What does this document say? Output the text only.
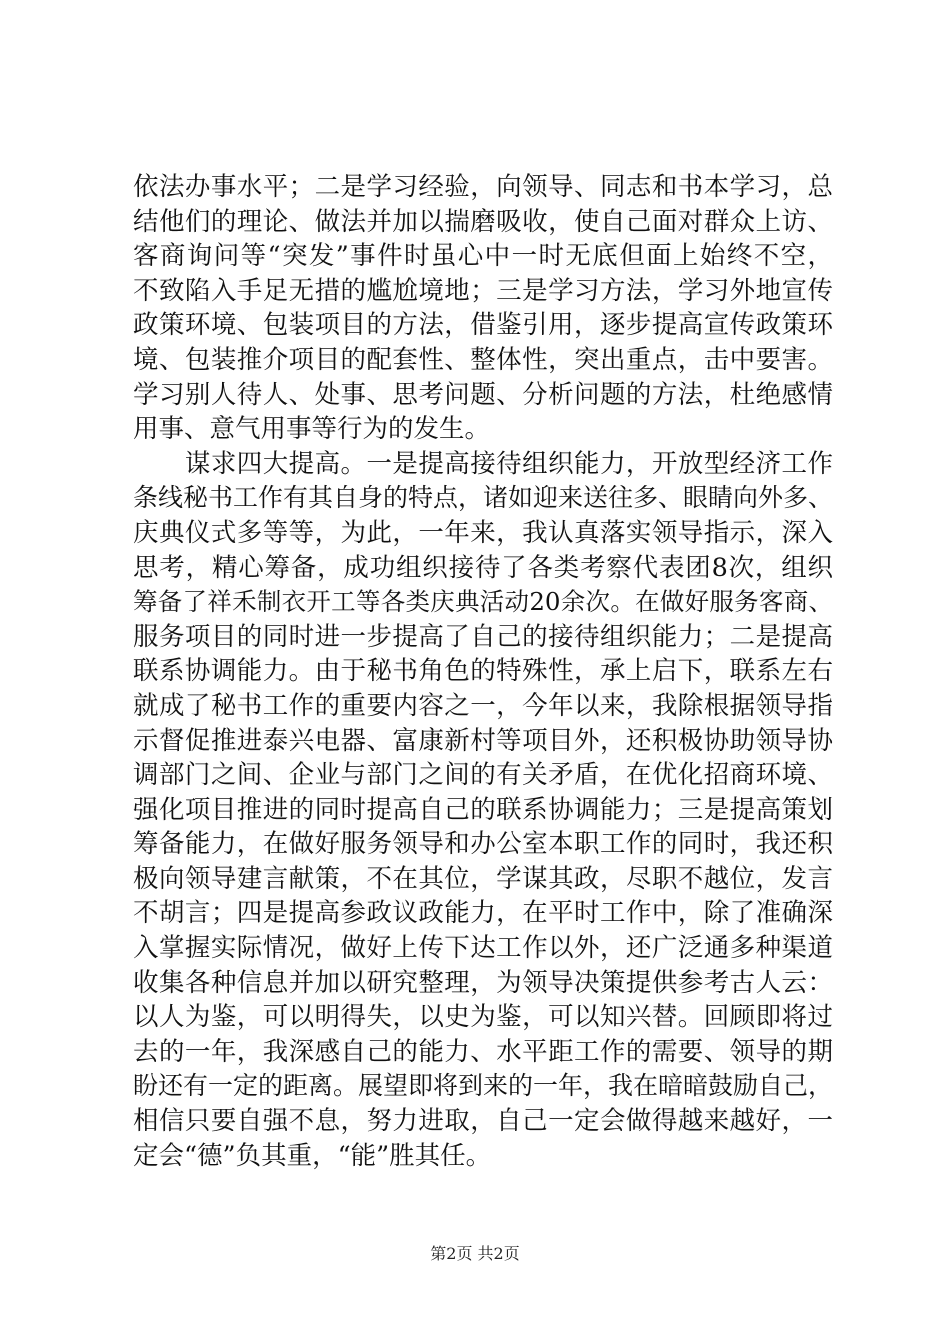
依法办事水平；二是学习经验，向领导、同志和书本学习，总
结他们的理论、做法并加以揣磨吸收，使自己面对群众上访、
客商询问等“突发”事件时虽心中一时无底但面上始终不空，
不致陷入手足无措的尴尬境地；三是学习方法，学习外地宣传
政策环境、包装项目的方法，借鉴引用，逐步提高宣传政策环
境、包装推介项目的配套性、整体性，突出重点，击中要害。
学习别人待人、处事、思考问题、分析问题的方法，杜绝感情
用事、意气用事等行为的发生。
　　谋求四大提高。一是提高接待组织能力，开放型经济工作
条线秘书工作有其自身的特点，诸如迎来送往多、眼睛向外多、
庆典仪式多等等，为此，一年来，我认真落实领导指示，深入
思考，精心筹备，成功组织接待了各类考察代表团8次，组织
筹备了祥禾制衣开工等各类庆典活动20余次。在做好服务客商、
服务项目的同时进一步提高了自己的接待组织能力；二是提高
联系协调能力。由于秘书角色的特殊性，承上启下，联系左右
就成了秘书工作的重要内容之一，今年以来，我除根据领导指
示督促推进泰兴电器、富康新村等项目外，还积极协助领导协
调部门之间、企业与部门之间的有关矛盾，在优化招商环境、
强化项目推进的同时提高自己的联系协调能力；三是提高策划
筹备能力，在做好服务领导和办公室本职工作的同时，我还积
极向领导建言献策，不在其位，学谋其政，尽职不越位，发言
不胡言；四是提高参政议政能力，在平时工作中，除了准确深
入掌握实际情况，做好上传下达工作以外，还广泛通多种渠道
收集各种信息并加以研究整理，为领导决策提供参考古人云：
以人为鉴，可以明得失，以史为鉴，可以知兴替。回顾即将过
去的一年，我深感自己的能力、水平距工作的需要、领导的期
盼还有一定的距离。展望即将到来的一年，我在暗暗鼓励自己，
相信只要自强不息，努力进取，自己一定会做得越来越好，一
定会“德”负其重，“能”胜其任。
第2页 共2页
